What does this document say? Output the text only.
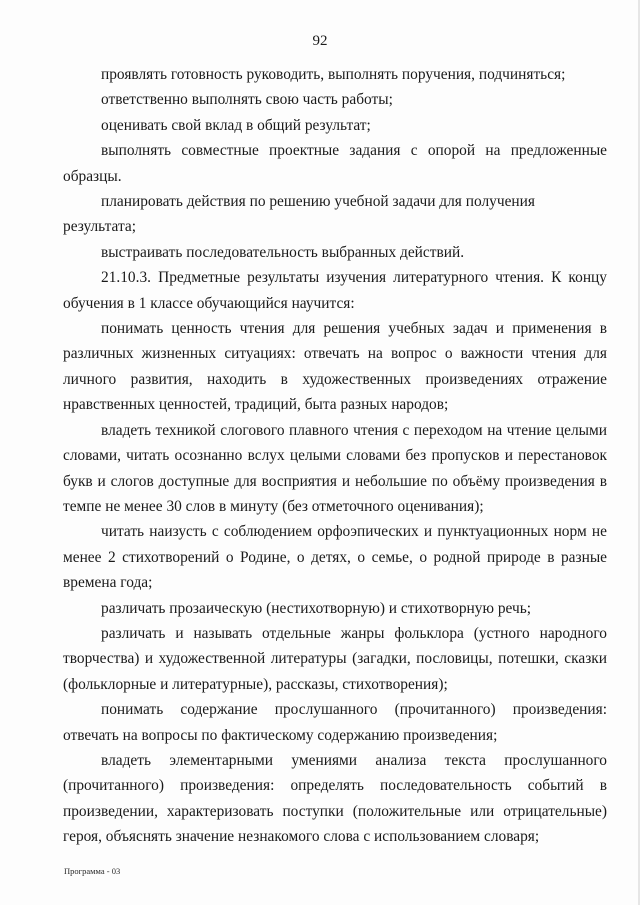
92

проявлять готовность руководить, выполнять поручения, подчиняться;

ответственно выполнять свою часть работы;

оценивать свой вклад в общий результат;

выполнять совместные проектные задания с опорой на предложенные образцы.

планировать действия по решению учебной задачи для получения результата;

выстраивать последовательность выбранных действий.

21.10.3. Предметные результаты изучения литературного чтения. К концу обучения в 1 классе обучающийся научится:

понимать ценность чтения для решения учебных задач и применения в различных жизненных ситуациях: отвечать на вопрос о важности чтения для личного развития, находить в художественных произведениях отражение нравственных ценностей, традиций, быта разных народов;

владеть техникой слогового плавного чтения с переходом на чтение целыми словами, читать осознанно вслух целыми словами без пропусков и перестановок букв и слогов доступные для восприятия и небольшие по объёму произведения в темпе не менее 30 слов в минуту (без отметочного оценивания);

читать наизусть с соблюдением орфоэпических и пунктуационных норм не менее 2 стихотворений о Родине, о детях, о семье, о родной природе в разные времена года;

различать прозаическую (нестихотворную) и стихотворную речь;

различать и называть отдельные жанры фольклора (устного народного творчества) и художественной литературы (загадки, пословицы, потешки, сказки (фольклорные и литературные), рассказы, стихотворения);

понимать содержание прослушанного (прочитанного) произведения: отвечать на вопросы по фактическому содержанию произведения;

владеть элементарными умениями анализа текста прослушанного (прочитанного) произведения: определять последовательность событий в произведении, характеризовать поступки (положительные или отрицательные) героя, объяснять значение незнакомого слова с использованием словаря;

Программа - 03
